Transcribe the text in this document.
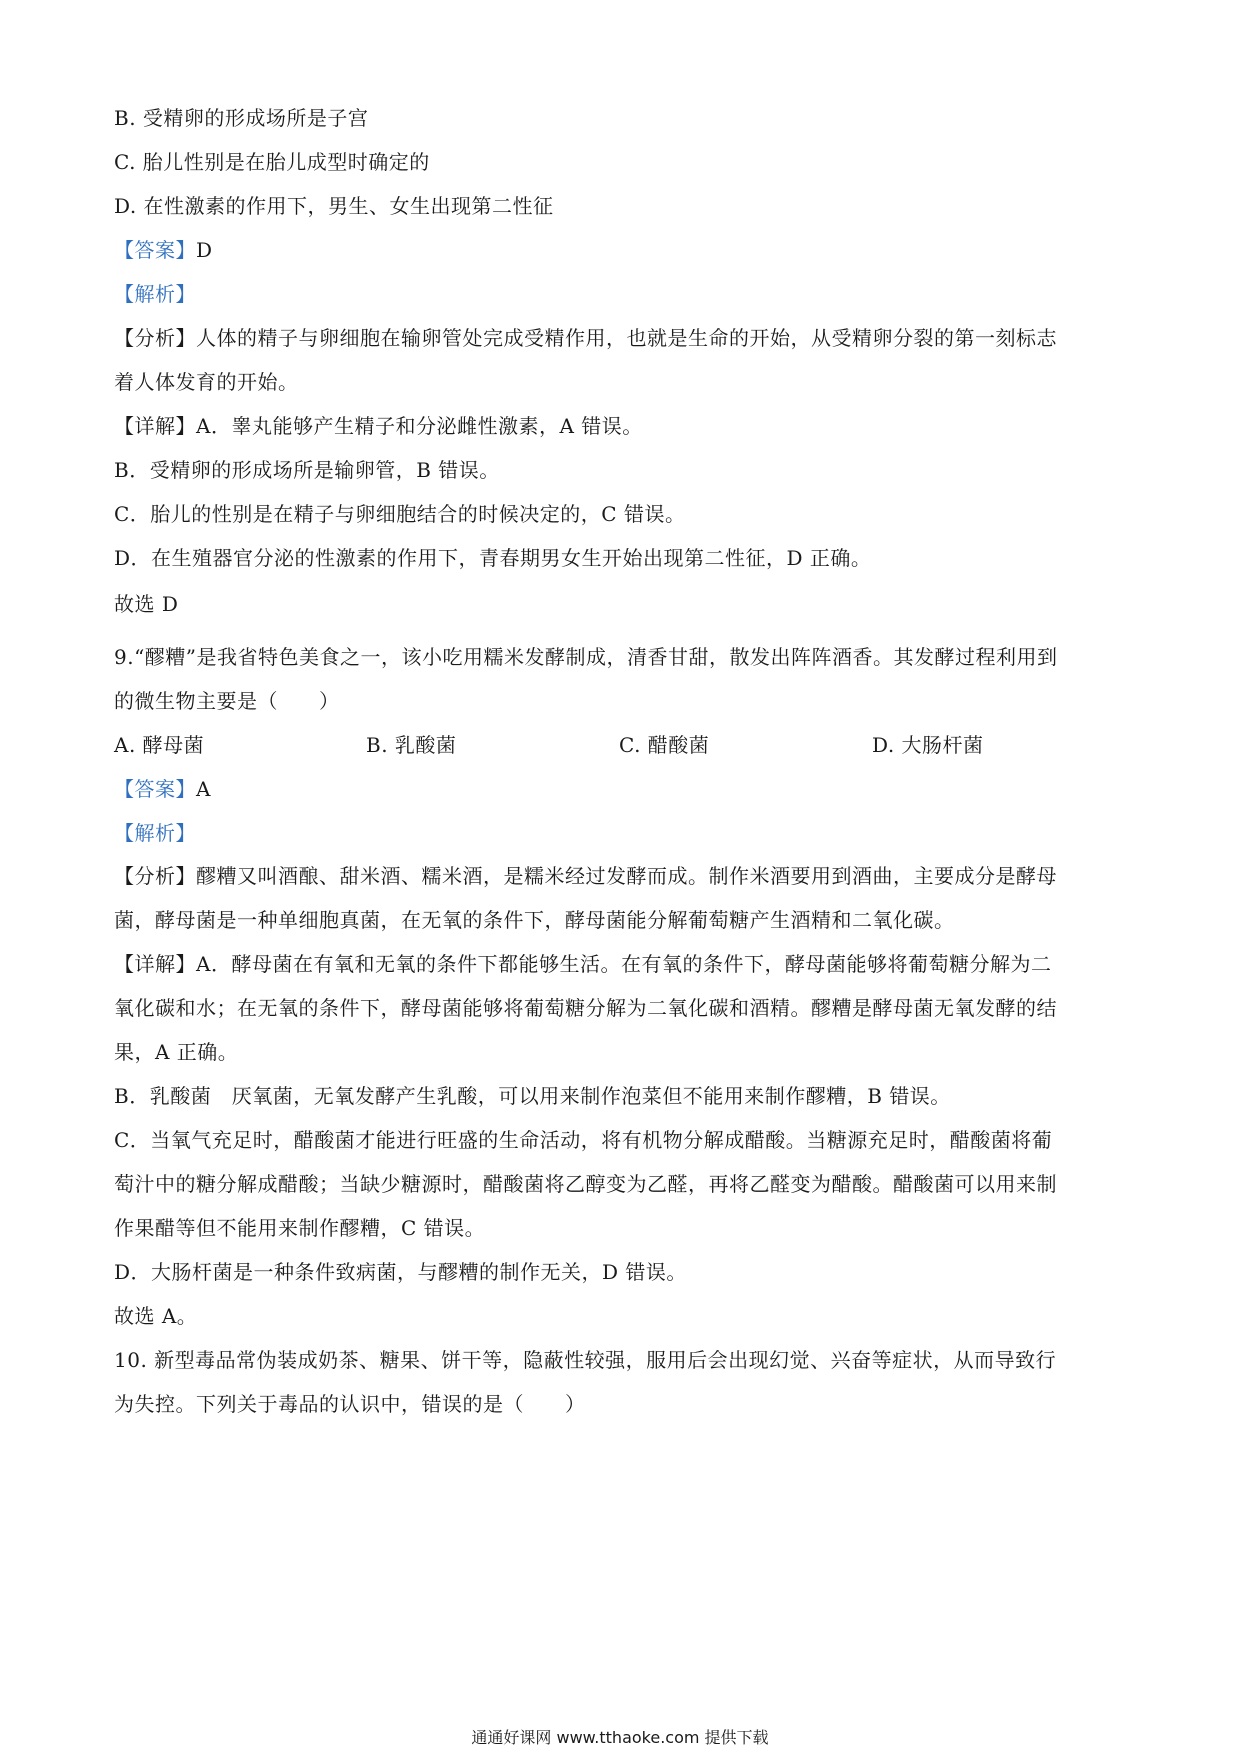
B. 受精卵的形成场所是子宫
C. 胎儿性别是在胎儿成型时确定的
D. 在性激素的作用下，男生、女生出现第二性征
【答案】D
【解析】
【分析】人体的精子与卵细胞在输卵管处完成受精作用，也就是生命的开始，从受精卵分裂的第一刻标志
着人体发育的开始。
【详解】A．睾丸能够产生精子和分泌雌性激素，A 错误。
B．受精卵的形成场所是输卵管，B 错误。
C．胎儿的性别是在精子与卵细胞结合的时候决定的，C 错误。
D．在生殖器官分泌的性激素的作用下，青春期男女生开始出现第二性征，D 正确。
故选 D
9.“醪糟”是我省特色美食之一，该小吃用糯米发酵制成，清香甘甜，散发出阵阵酒香。其发酵过程利用到
的微生物主要是（　　）
A. 酵母菌	B. 乳酸菌	C. 醋酸菌	D. 大肠杆菌
【答案】A
【解析】
【分析】醪糟又叫酒酿、甜米酒、糯米酒，是糯米经过发酵而成。制作米酒要用到酒曲，主要成分是酵母
菌，酵母菌是一种单细胞真菌，在无氧的条件下，酵母菌能分解葡萄糖产生酒精和二氧化碳。
【详解】A．酵母菌在有氧和无氧的条件下都能够生活。在有氧的条件下，酵母菌能够将葡萄糖分解为二
氧化碳和水；在无氧的条件下，酵母菌能够将葡萄糖分解为二氧化碳和酒精。醪糟是酵母菌无氧发酵的结
果，A 正确。
B．乳酸菌　厌氧菌，无氧发酵产生乳酸，可以用来制作泡菜但不能用来制作醪糟，B 错误。
C．当氧气充足时，醋酸菌才能进行旺盛的生命活动，将有机物分解成醋酸。当糖源充足时，醋酸菌将葡
萄汁中的糖分解成醋酸；当缺少糖源时，醋酸菌将乙醇变为乙醛，再将乙醛变为醋酸。醋酸菌可以用来制
作果醋等但不能用来制作醪糟，C 错误。
D．大肠杆菌是一种条件致病菌，与醪糟的制作无关，D 错误。
故选 A。
10. 新型毒品常伪装成奶茶、糖果、饼干等，隐蔽性较强，服用后会出现幻觉、兴奋等症状，从而导致行
为失控。下列关于毒品的认识中，错误的是（　　）
通通好课网 www.tthaoke.com 提供下载
